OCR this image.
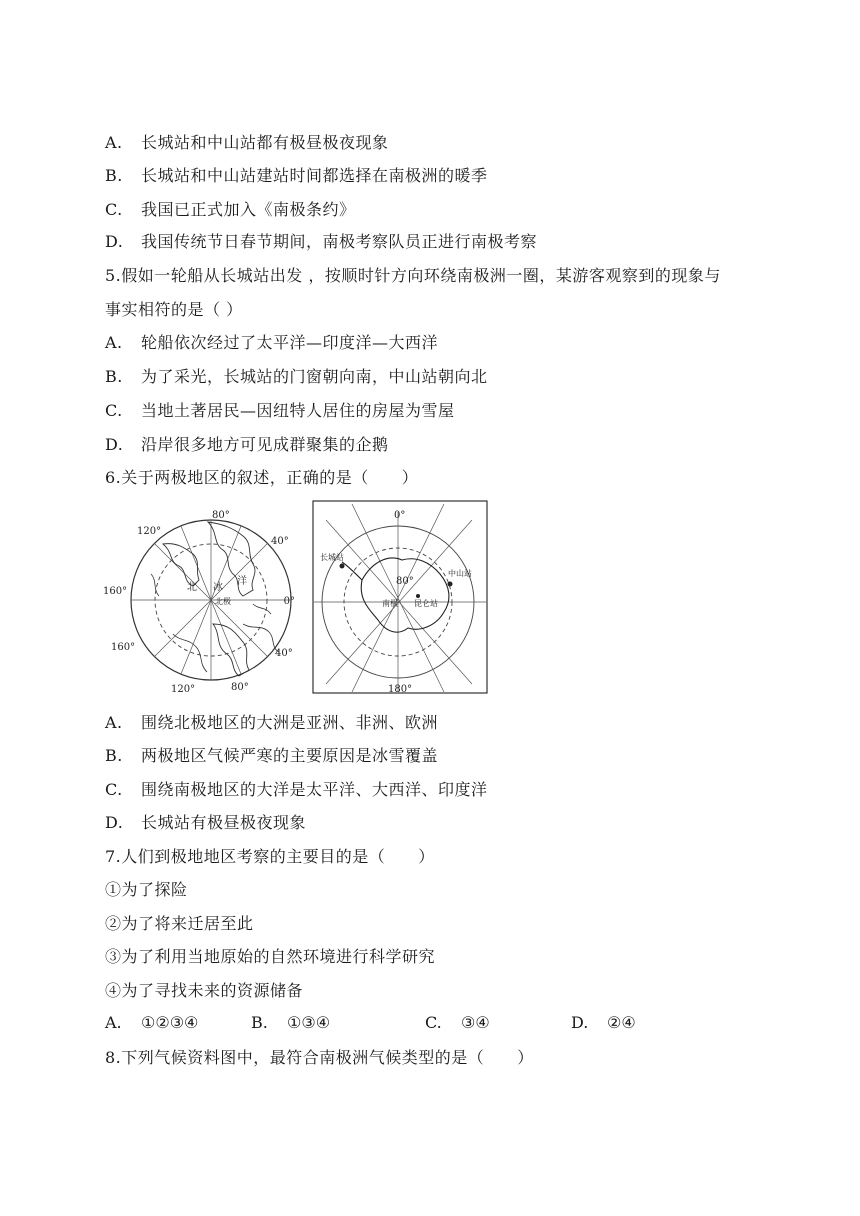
A. 长城站和中山站都有极昼极夜现象
B. 长城站和中山站建站时间都选择在南极洲的暖季
C. 我国已正式加入《南极条约》
D. 我国传统节日春节期间，南极考察队员正进行南极考察
5.假如一轮船从长城站出发 ，按顺时针方向环绕南极洲一圈，某游客观察到的现象与
事实相符的是（ ）
A. 轮船依次经过了太平洋—印度洋—大西洋
B. 为了采光，长城站的门窗朝向南，中山站朝向北
C. 当地土著居民—因纽特人居住的房屋为雪屋
D. 沿岸很多地方可见成群聚集的企鹅
6.关于两极地区的叙述，正确的是（　　）
80°
120°
40°
160°
0°
160°
40°
120°	80°
北 冰
洋
北极
0°
180°
长城站
中山站
80°
南极 昆仑站
A. 围绕北极地区的大洲是亚洲、非洲、欧洲
B. 两极地区气候严寒的主要原因是冰雪覆盖
C. 围绕南极地区的大洋是太平洋、大西洋、印度洋
D. 长城站有极昼极夜现象
7.人们到极地地区考察的主要目的是（　　）
①为了探险
②为了将来迁居至此
③为了利用当地原始的自然环境进行科学研究
④为了寻找未来的资源储备
A. ①②③④	B. ①③④	C. ③④	D. ②④
8.下列气候资料图中，最符合南极洲气候类型的是（　　）
